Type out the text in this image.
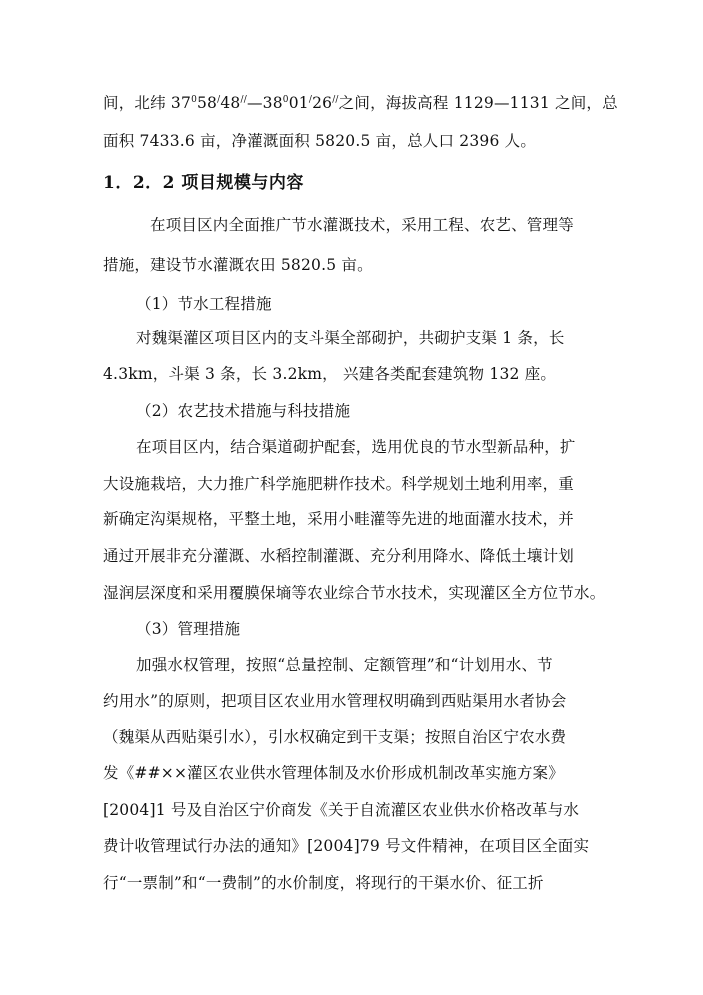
间，北纬 $37^058^/48^{//}—38^001^/26^{//}$之间，海拔高程 1129—1131 之间，总
面积 7433.6 亩，净灌溉面积 5820.5 亩，总人口 2396 人。
1．2．2 项目规模与内容
在项目区内全面推广节水灌溉技术，采用工程、农艺、管理等
措施，建设节水灌溉农田 5820.5 亩。
（1）节水工程措施
对魏渠灌区项目区内的支斗渠全部砌护，共砌护支渠 1 条，长
4.3km，斗渠 3 条，长 3.2km， 兴建各类配套建筑物 132 座。
（2）农艺技术措施与科技措施
在项目区内，结合渠道砌护配套，选用优良的节水型新品种，扩
大设施栽培，大力推广科学施肥耕作技术。科学规划土地利用率，重
新确定沟渠规格，平整土地，采用小畦灌等先进的地面灌水技术，并
通过开展非充分灌溉、水稻控制灌溉、充分利用降水、降低土壤计划
湿润层深度和采用覆膜保墒等农业综合节水技术，实现灌区全方位节水。
（3）管理措施
加强水权管理，按照“总量控制、定额管理”和“计划用水、节
约用水”的原则，把项目区农业用水管理权明确到西贴渠用水者协会
（魏渠从西贴渠引水），引水权确定到干支渠；按照自治区宁农水费
发《##××灌区农业供水管理体制及水价形成机制改革实施方案》
[2004]1 号及自治区宁价商发《关于自流灌区农业供水价格改革与水
费计收管理试行办法的通知》[2004]79 号文件精神，在项目区全面实
行“一票制”和“一费制”的水价制度，将现行的干渠水价、征工折
